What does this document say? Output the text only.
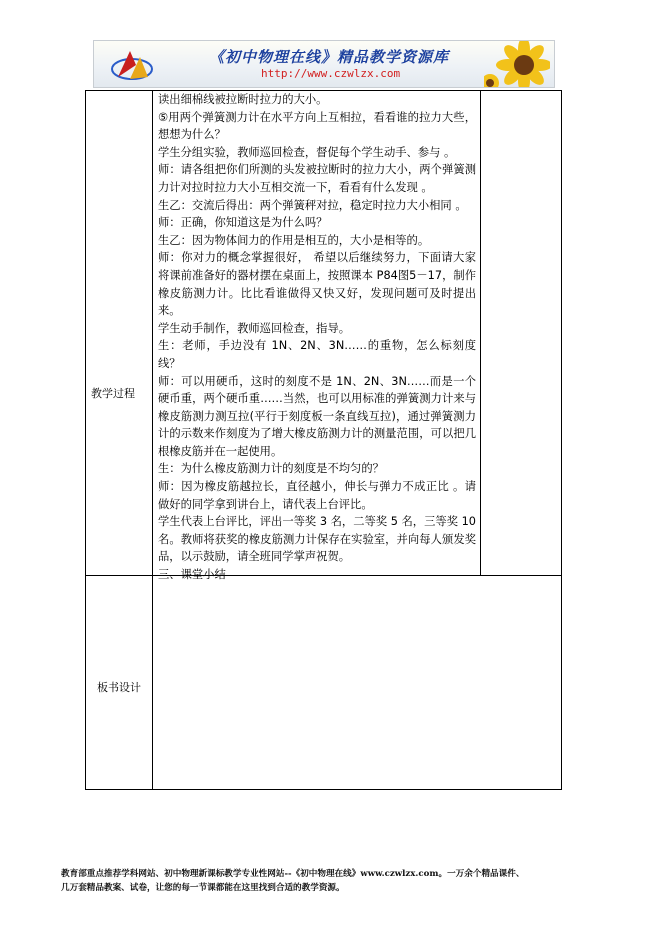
《初中物理在线》精品教学资源库
http://www.czwlzx.com
教学过程
板书设计

读出细棉线被拉断时拉力的大小。

⑤用两个弹簧测力计在水平方向上互相拉，看看谁的拉力大些，想想为什么？

学生分组实验，教师巡回检查，督促每个学生动手、参与 。

师：请各组把你们所测的头发被拉断时的拉力大小，两个弹簧测力计对拉时拉力大小互相交流一下，看看有什么发现 。

生乙：交流后得出：两个弹簧秤对拉，稳定时拉力大小相同 。

师：正确，你知道这是为什么吗？

生乙：因为物体间力的作用是相互的，大小是相等的。

师：你对力的概念掌握很好， 希望以后继续努力，下面请大家将课前准备好的器材摆在桌面上，按照课本 P84图5－17，制作橡皮筋测力计。比比看谁做得又快又好，发现问题可及时提出来。

学生动手制作，教师巡回检查，指导。

生：老师，手边没有 1N、2N、3N……的重物，怎么标刻度线？

师：可以用硬币，这时的刻度不是 1N、2N、3N……而是一个硬币重，两个硬币重……当然，也可以用标准的弹簧测力计来与橡皮筋测力测互拉(平行于刻度板一条直线互拉)，通过弹簧测力计的示数来作刻度为了增大橡皮筋测力计的测量范围，可以把几根橡皮筋并在一起使用。

生：为什么橡皮筋测力计的刻度是不均匀的？

师：因为橡皮筋越拉长，直径越小，伸长与弹力不成正比 。请做好的同学拿到讲台上，请代表上台评比。

学生代表上台评比，评出一等奖 3 名，二等奖 5 名，三等奖 10 名。教师将获奖的橡皮筋测力计保存在实验室，并向每人颁发奖品，以示鼓励，请全班同学掌声祝贺。

三、课堂小结

教育部重点推荐学科网站、初中物理新课标教学专业性网站--《初中物理在线》www.czwlzx.com。一万余个精品课件、

几万套精品教案、试卷，让您的每一节课都能在这里找到合适的教学资源。
